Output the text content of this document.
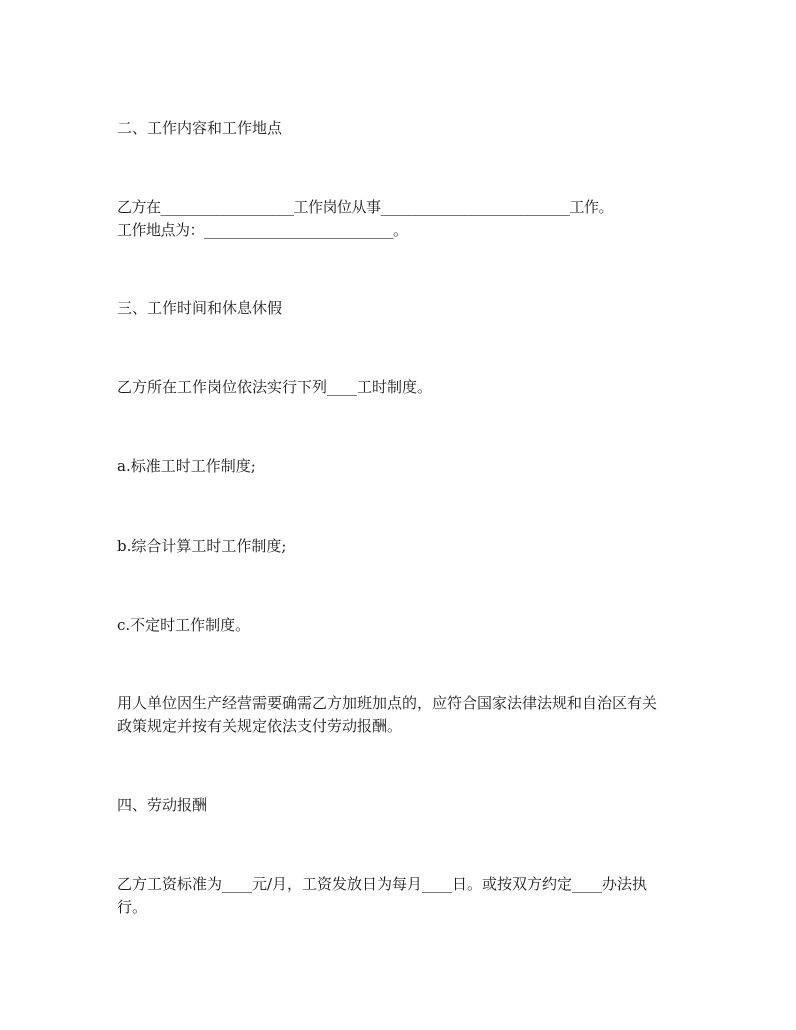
二、工作内容和工作地点
乙方在___________________工作岗位从事___________________________工作。
工作地点为：___________________________。
三、工作时间和休息休假
乙方所在工作岗位依法实行下列____工时制度。
a.标准工时工作制度;
b.综合计算工时工作制度;
c.不定时工作制度。
用人单位因生产经营需要确需乙方加班加点的，应符合国家法律法规和自治区有关
政策规定并按有关规定依法支付劳动报酬。
四、劳动报酬
乙方工资标准为____元/月，工资发放日为每月____日。或按双方约定____办法执
行。
